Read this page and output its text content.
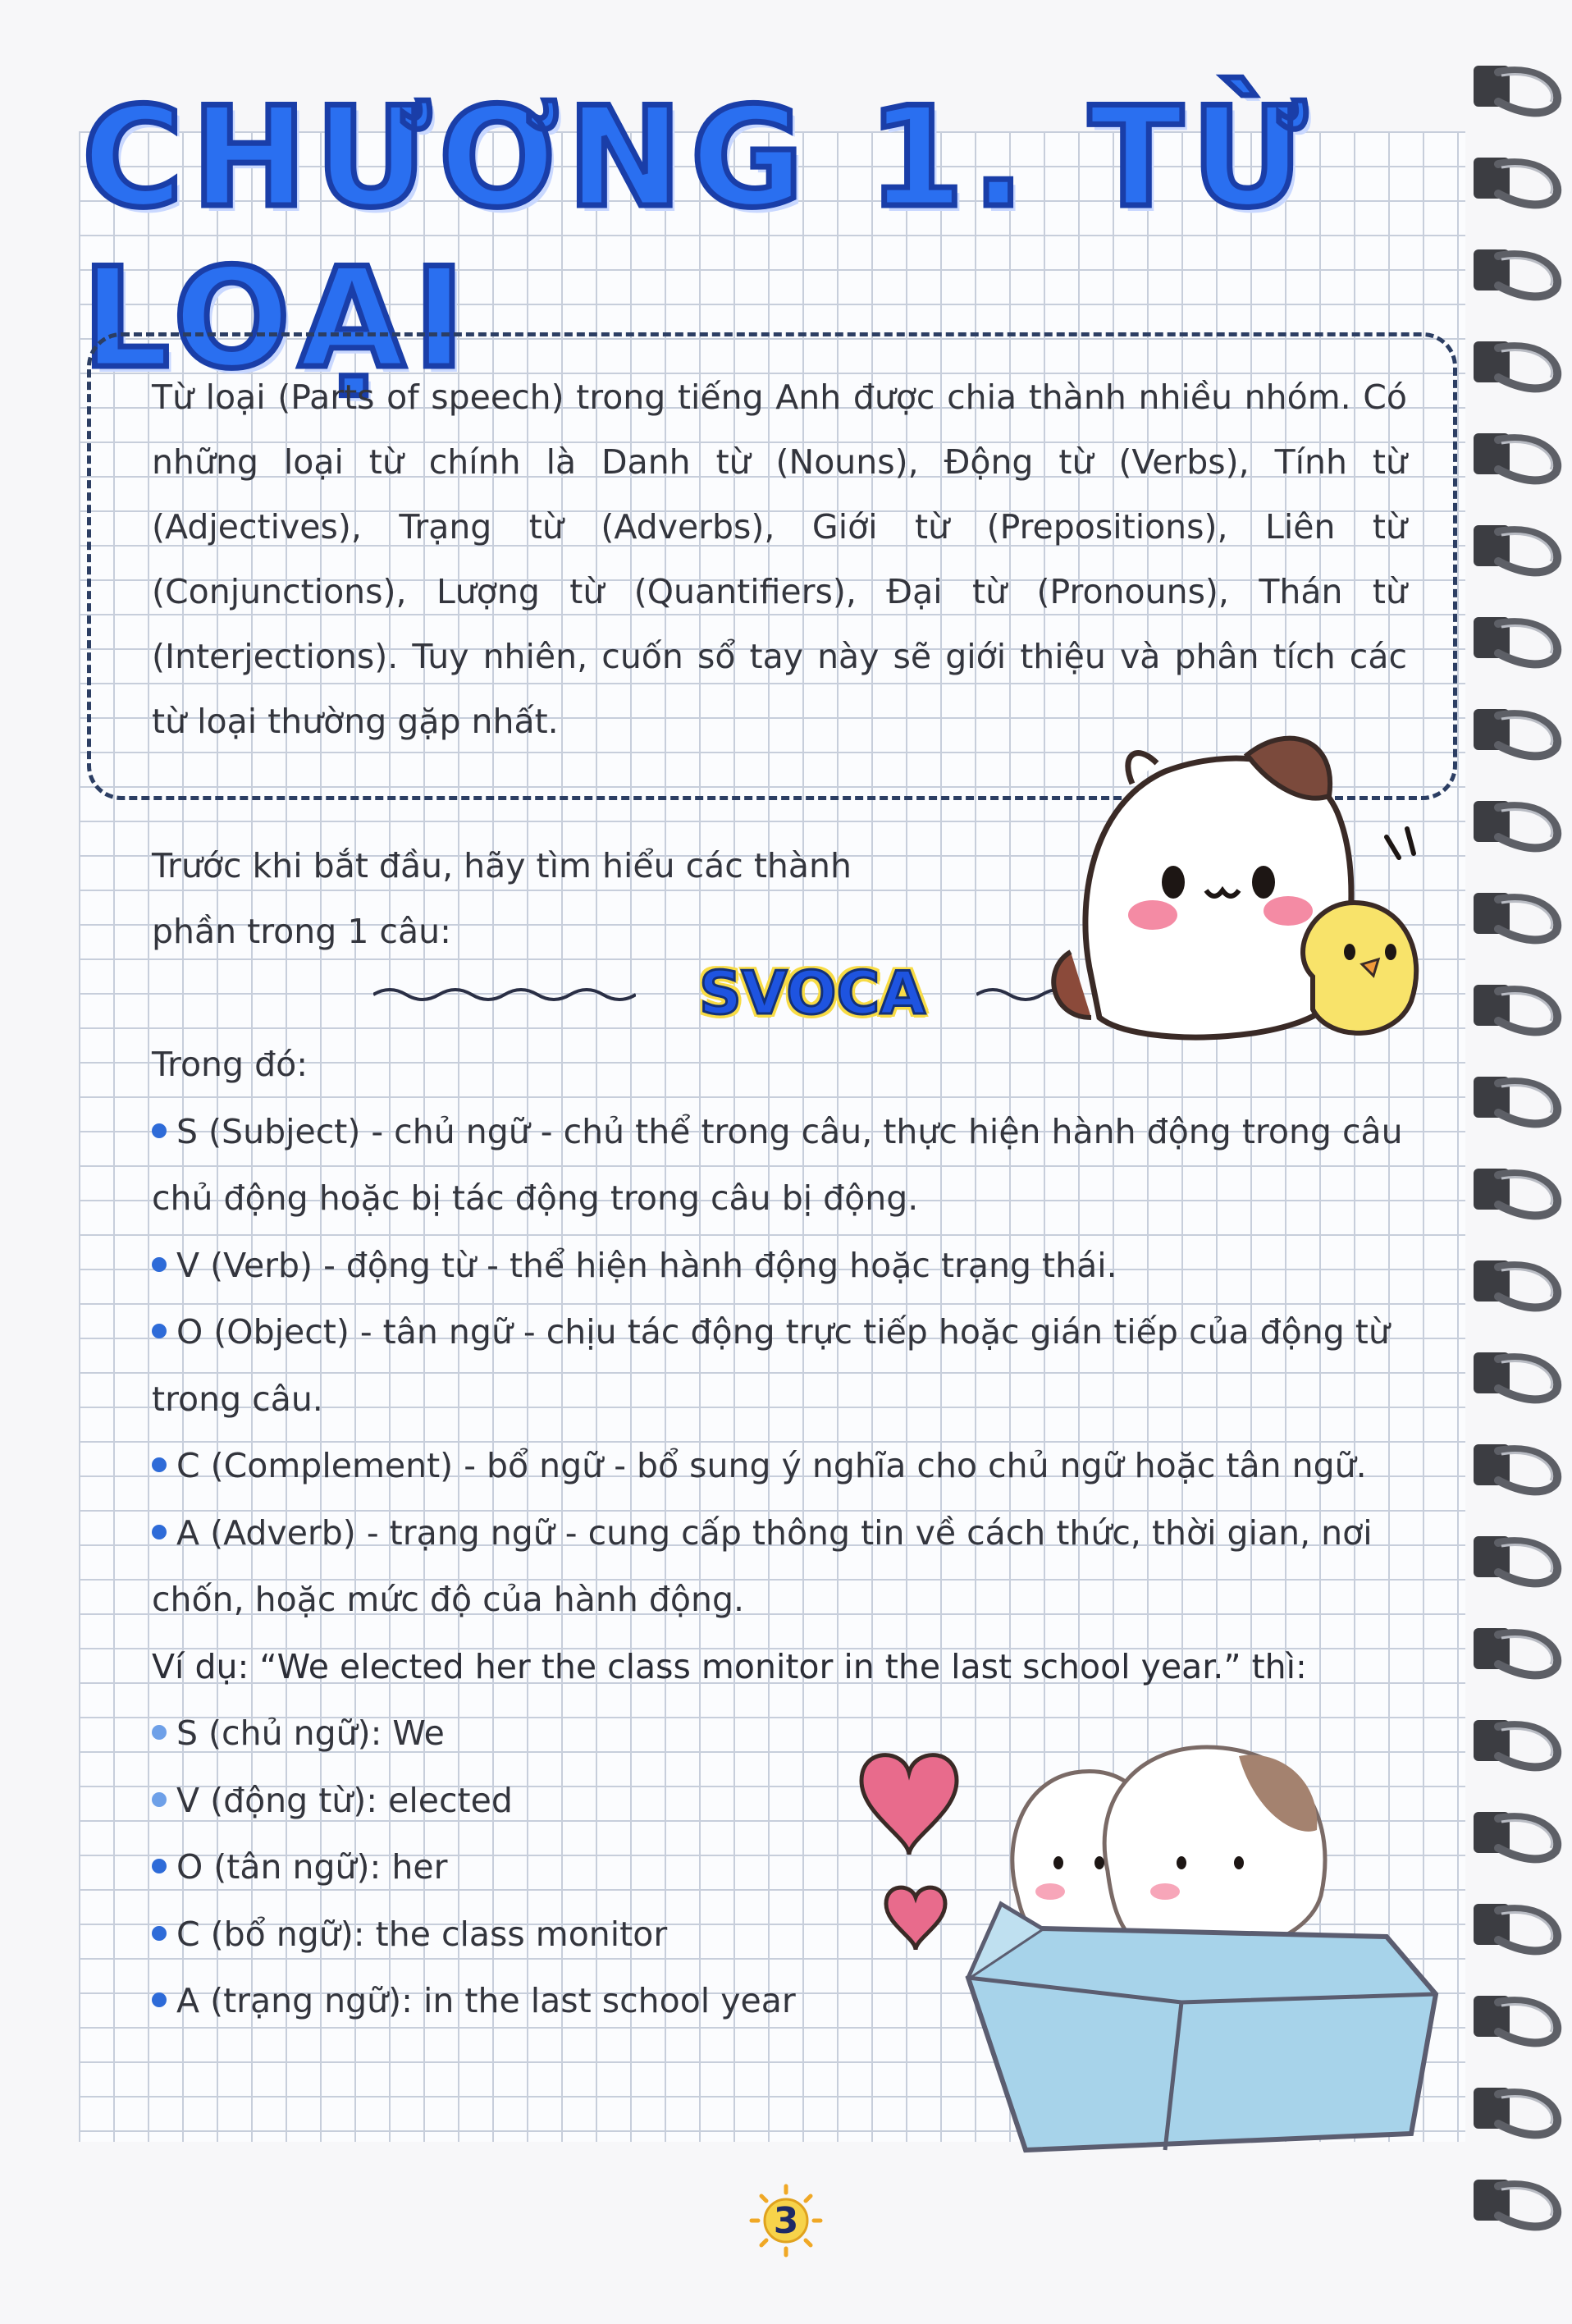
CHƯƠNG 1. TỪ LOẠI
Từ loại (Parts of speech) trong tiếng Anh được chia thành nhiều nhóm. Có những loại từ chính là Danh từ (Nouns), Động từ (Verbs), Tính từ (Adjectives), Trạng từ (Adverbs), Giới từ (Prepositions), Liên từ (Conjunctions), Lượng từ (Quantifiers), Đại từ (Pronouns), Thán từ (Interjections). Tuy nhiên, cuốn sổ tay này sẽ giới thiệu và phân tích các từ loại thường gặp nhất.
Trước khi bắt đầu, hãy tìm hiểu các thành
phần trong 1 câu:
SVOCA
Trong đó:
S (Subject) - chủ ngữ - chủ thể trong câu, thực hiện hành động trong câu chủ động hoặc bị tác động trong câu bị động.
V (Verb) - động từ - thể hiện hành động hoặc trạng thái.
O (Object) - tân ngữ - chịu tác động trực tiếp hoặc gián tiếp của động từ trong câu.
C (Complement) - bổ ngữ - bổ sung ý nghĩa cho chủ ngữ hoặc tân ngữ.
A (Adverb) - trạng ngữ - cung cấp thông tin về cách thức, thời gian, nơi chốn, hoặc mức độ của hành động.
Ví dụ: “We elected her the class monitor in the last school year.” thì:
S (chủ ngữ): We
V (động từ): elected
O (tân ngữ): her
C (bổ ngữ): the class monitor
A (trạng ngữ): in the last school year
3
